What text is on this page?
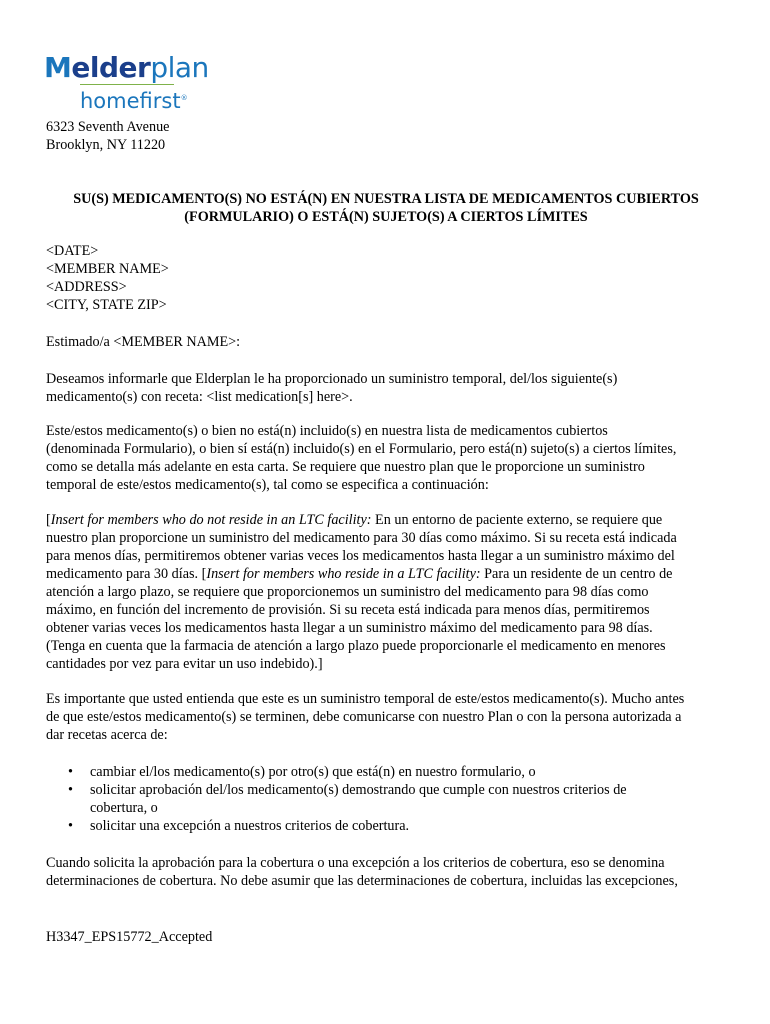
Melderplan
homefirst®
6323 Seventh Avenue
Brooklyn, NY 11220
SU(S) MEDICAMENTO(S) NO ESTÁ(N) EN NUESTRA LISTA DE MEDICAMENTOS CUBIERTOS
(FORMULARIO) O ESTÁ(N) SUJETO(S) A CIERTOS LÍMITES
<DATE>
<MEMBER NAME>
<ADDRESS>
<CITY, STATE ZIP>
Estimado/a <MEMBER NAME>:
Deseamos informarle que Elderplan le ha proporcionado un suministro temporal, del/los siguiente(s)
medicamento(s) con receta: <list medication[s] here>.
Este/estos medicamento(s) o bien no está(n) incluido(s) en nuestra lista de medicamentos cubiertos
(denominada Formulario), o bien sí está(n) incluido(s) en el Formulario, pero está(n) sujeto(s) a ciertos límites,
como se detalla más adelante en esta carta. Se requiere que nuestro plan que le proporcione un suministro
temporal de este/estos medicamento(s), tal como se especifica a continuación:
[Insert for members who do not reside in an LTC facility: En un entorno de paciente externo, se requiere que
nuestro plan proporcione un suministro del medicamento para 30 días como máximo. Si su receta está indicada
para menos días, permitiremos obtener varias veces los medicamentos hasta llegar a un suministro máximo del
medicamento para 30 días. [Insert for members who reside in a LTC facility: Para un residente de un centro de
atención a largo plazo, se requiere que proporcionemos un suministro del medicamento para 98 días como
máximo, en función del incremento de provisión. Si su receta está indicada para menos días, permitiremos
obtener varias veces los medicamentos hasta llegar a un suministro máximo del medicamento para 98 días.
(Tenga en cuenta que la farmacia de atención a largo plazo puede proporcionarle el medicamento en menores
cantidades por vez para evitar un uso indebido).]
Es importante que usted entienda que este es un suministro temporal de este/estos medicamento(s). Mucho antes
de que este/estos medicamento(s) se terminen, debe comunicarse con nuestro Plan o con la persona autorizada a
dar recetas acerca de:
• cambiar el/los medicamento(s) por otro(s) que está(n) en nuestro formulario, o
• solicitar aprobación del/los medicamento(s) demostrando que cumple con nuestros criterios de
cobertura, o
• solicitar una excepción a nuestros criterios de cobertura.
Cuando solicita la aprobación para la cobertura o una excepción a los criterios de cobertura, eso se denomina
determinaciones de cobertura. No debe asumir que las determinaciones de cobertura, incluidas las excepciones,
H3347_EPS15772_Accepted
